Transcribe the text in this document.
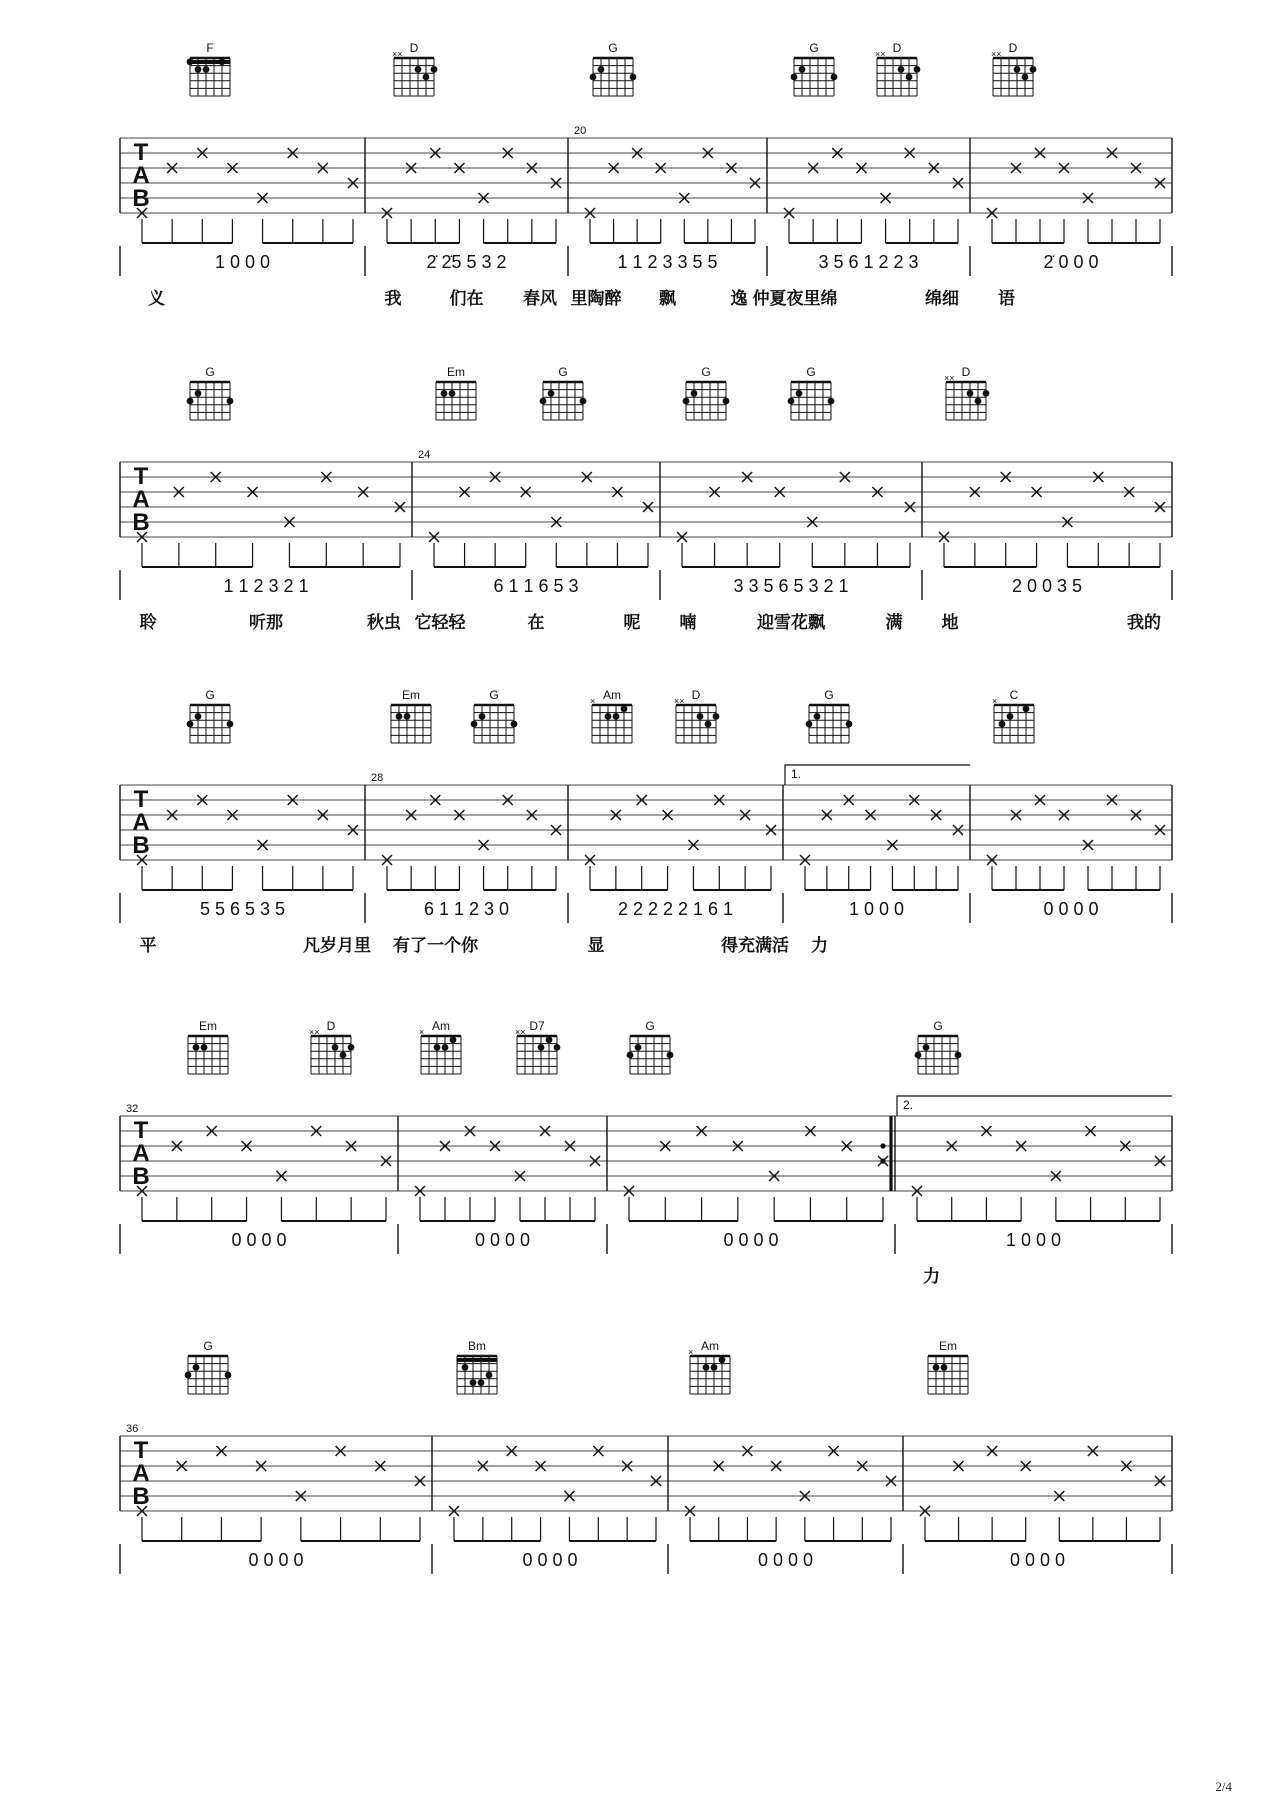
T
A
B
F
1 0 0 0
义
D
××
2̇ 2̇5 5 3 2
我	们在 春风
20
G
1 1 2 3 3 5 5
里陶醉 飘	逸
G	D
××
3 5 6 1 2 2 3
仲夏夜里绵	绵细
D
××
2̇ 0 0 0
语
T
A
B
G
1 1 2 3 2 1
聆	听那	秋虫
24
Em	G
6 1 1 6 5 3
它轻轻	在	呢
G	G
3 3 5 6 5 3 2 1
喃	迎雪花飘	满
D
××
2 0 0 3 5
地	我的
T
A
B
G
5 5 6 5 3 5
平	凡岁月里
28
Em	G
6 1 1 2 3 0
有了一个你
Am
×	D
××
2 2 2 2 2 1 6 1
显	得充满活
1.
G
1 0 0 0
力
C
×
0 0 0 0
T
A
B
32
Em	D
××
0 0 0 0
Am
×	D7
××
0 0 0 0
G
0 0 0 0
2.
G
1 0 0 0
力
T
A
B
36
G
0 0 0 0
Bm
0 0 0 0
Am
×
0 0 0 0
Em
0 0 0 0
2/4
